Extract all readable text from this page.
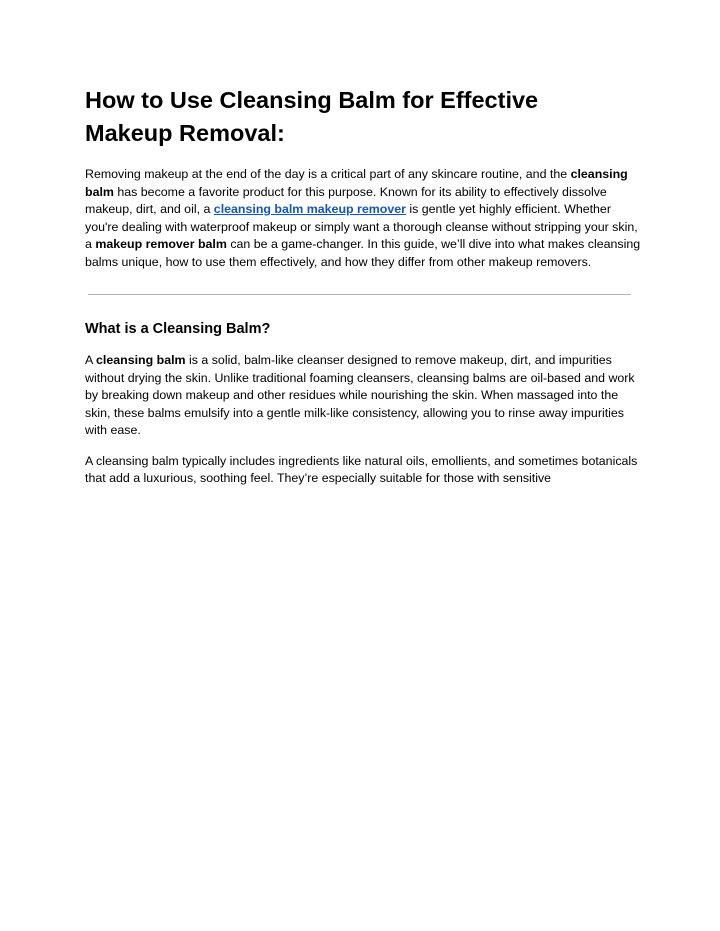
How to Use Cleansing Balm for Effective
Makeup Removal:

Removing makeup at the end of the day is a critical part of any skincare routine, and the cleansing balm has become a favorite product for this purpose. Known for its ability to effectively dissolve makeup, dirt, and oil, a cleansing balm makeup remover is gentle yet highly efficient. Whether you're dealing with waterproof makeup or simply want a thorough cleanse without stripping your skin, a makeup remover balm can be a game-changer. In this guide, we’ll dive into what makes cleansing balms unique, how to use them effectively, and how they differ from other makeup removers.

What is a Cleansing Balm?

A cleansing balm is a solid, balm-like cleanser designed to remove makeup, dirt, and impurities without drying the skin. Unlike traditional foaming cleansers, cleansing balms are oil-based and work by breaking down makeup and other residues while nourishing the skin. When massaged into the skin, these balms emulsify into a gentle milk-like consistency, allowing you to rinse away impurities with ease.

A cleansing balm typically includes ingredients like natural oils, emollients, and sometimes botanicals that add a luxurious, soothing feel. They’re especially suitable for those with sensitive
